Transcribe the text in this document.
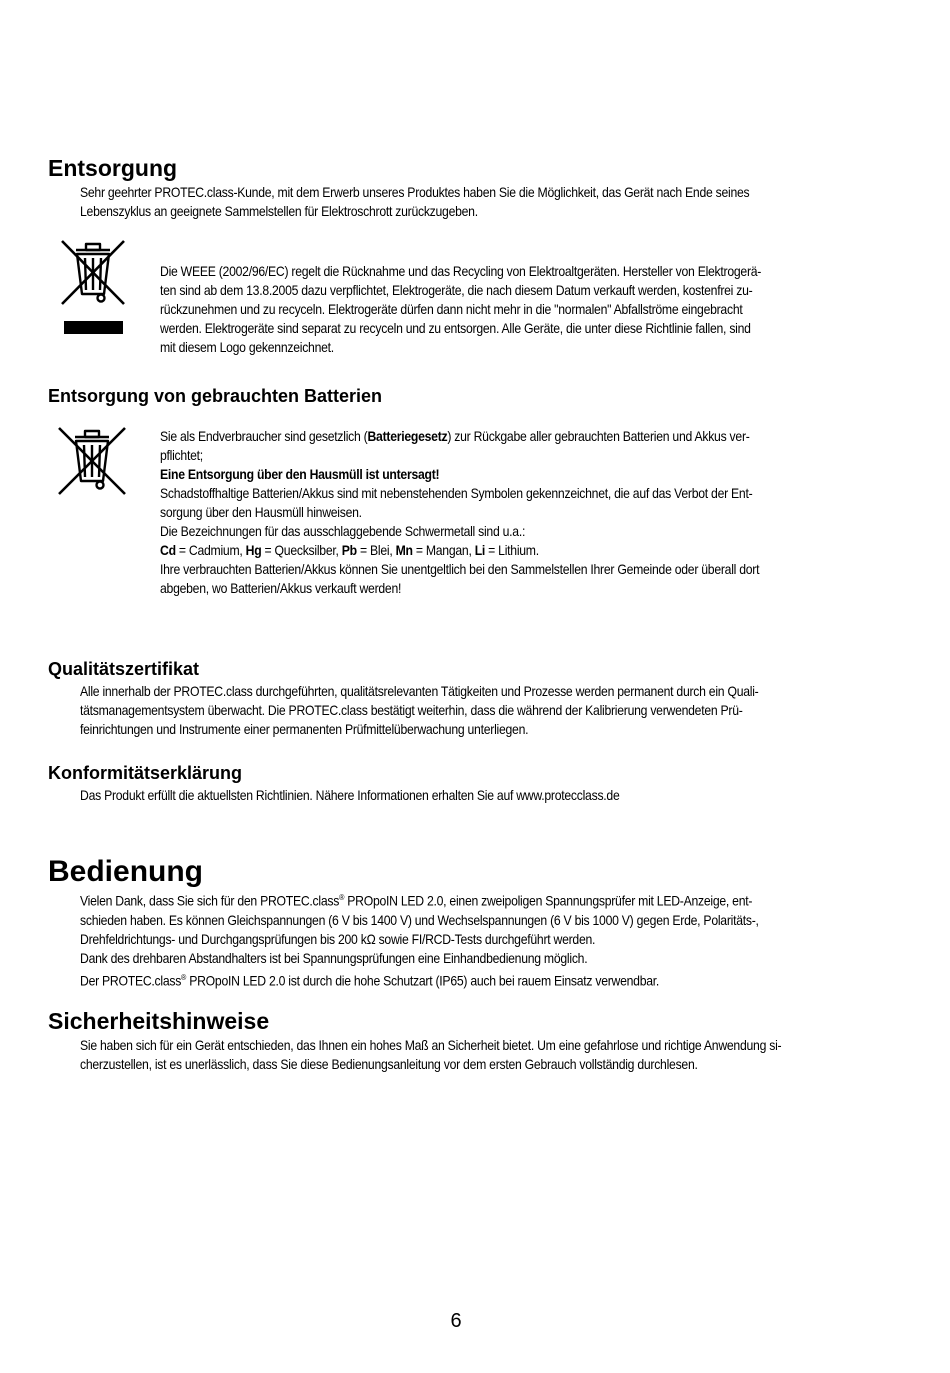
Entsorgung

Sehr geehrter PROTEC.class-Kunde, mit dem Erwerb unseres Produktes haben Sie die Möglichkeit, das Gerät nach Ende seines
Lebenszyklus an geeignete Sammelstellen für Elektroschrott zurückzugeben.

Die WEEE (2002/96/EC) regelt die Rücknahme und das Recycling von Elektroaltgeräten. Hersteller von Elektrogerä-
ten sind ab dem 13.8.2005 dazu verpflichtet, Elektrogeräte, die nach diesem Datum verkauft werden, kostenfrei zu-
rückzunehmen und zu recyceln. Elektrogeräte dürfen dann nicht mehr in die "normalen" Abfallströme eingebracht
werden. Elektrogeräte sind separat zu recyceln und zu entsorgen. Alle Geräte, die unter diese Richtlinie fallen, sind
mit diesem Logo gekennzeichnet.

Entsorgung von gebrauchten Batterien

Sie als Endverbraucher sind gesetzlich (Batteriegesetz) zur Rückgabe aller gebrauchten Batterien und Akkus ver-
pflichtet;
Eine Entsorgung über den Hausmüll ist untersagt!
Schadstoffhaltige Batterien/Akkus sind mit nebenstehenden Symbolen gekennzeichnet, die auf das Verbot der Ent-
sorgung über den Hausmüll hinweisen.
Die Bezeichnungen für das ausschlaggebende Schwermetall sind u.a.:
Cd = Cadmium, Hg = Quecksilber, Pb = Blei, Mn = Mangan, Li = Lithium.
Ihre verbrauchten Batterien/Akkus können Sie unentgeltlich bei den Sammelstellen Ihrer Gemeinde oder überall dort
abgeben, wo Batterien/Akkus verkauft werden!

Qualitätszertifikat

Alle innerhalb der PROTEC.class durchgeführten, qualitätsrelevanten Tätigkeiten und Prozesse werden permanent durch ein Quali-
tätsmanagementsystem überwacht. Die PROTEC.class bestätigt weiterhin, dass die während der Kalibrierung verwendeten Prü-
feinrichtungen und Instrumente einer permanenten Prüfmittelüberwachung unterliegen.

Konformitätserklärung

Das Produkt erfüllt die aktuellsten Richtlinien. Nähere Informationen erhalten Sie auf www.protecclass.de

Bedienung

Vielen Dank, dass Sie sich für den PROTEC.class® PROpoIN LED 2.0, einen zweipoligen Spannungsprüfer mit LED-Anzeige, ent-
schieden haben. Es können Gleichspannungen (6 V bis 1400 V) und Wechselspannungen (6 V bis 1000 V) gegen Erde, Polaritäts-,
Drehfeldrichtungs- und Durchgangsprüfungen bis 200 kΩ sowie FI/RCD-Tests durchgeführt werden.
Dank des drehbaren Abstandhalters ist bei Spannungsprüfungen eine Einhandbedienung möglich.
Der PROTEC.class® PROpoIN LED 2.0 ist durch die hohe Schutzart (IP65) auch bei rauem Einsatz verwendbar.

Sicherheitshinweise

Sie haben sich für ein Gerät entschieden, das Ihnen ein hohes Maß an Sicherheit bietet. Um eine gefahrlose und richtige Anwendung si-
cherzustellen, ist es unerlässlich, dass Sie diese Bedienungsanleitung vor dem ersten Gebrauch vollständig durchlesen.

6
